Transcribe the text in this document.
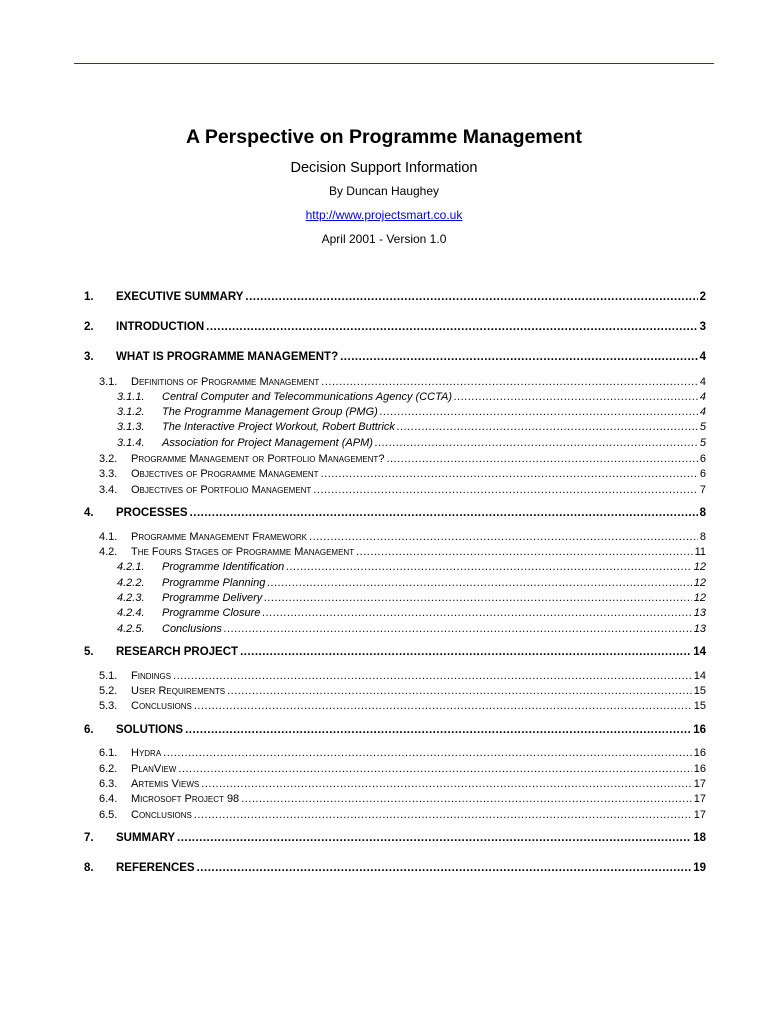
A Perspective on Programme Management
Decision Support Information
By Duncan Haughey
http://www.projectsmart.co.uk
April 2001 - Version 1.0
1.	EXECUTIVE SUMMARY .....	2
2.	INTRODUCTION .....	3
3.	WHAT IS PROGRAMME MANAGEMENT? .....	4
3.1.	Definitions of Programme Management .....	4
3.1.1.	Central Computer and Telecommunications Agency (CCTA) .....	4
3.1.2.	The Programme Management Group (PMG) .....	4
3.1.3.	The Interactive Project Workout, Robert Buttrick .....	5
3.1.4.	Association for Project Management (APM) .....	5
3.2.	Programme Management or Portfolio Management? .....	6
3.3.	Objectives of Programme Management .....	6
3.4.	Objectives of Portfolio Management .....	7
4.	PROCESSES .....	8
4.1.	Programme Management Framework .....	8
4.2.	The Fours Stages of Programme Management .....	11
4.2.1.	Programme Identification .....	12
4.2.2.	Programme Planning .....	12
4.2.3.	Programme Delivery .....	12
4.2.4.	Programme Closure .....	13
4.2.5.	Conclusions .....	13
5.	RESEARCH PROJECT .....	14
5.1.	Findings .....	14
5.2.	User Requirements .....	15
5.3.	Conclusions .....	15
6.	SOLUTIONS .....	16
6.1.	Hydra .....	16
6.2.	PlanView .....	16
6.3.	Artemis Views .....	17
6.4.	Microsoft Project 98 .....	17
6.5.	Conclusions .....	17
7.	SUMMARY .....	18
8.	REFERENCES .....	19
